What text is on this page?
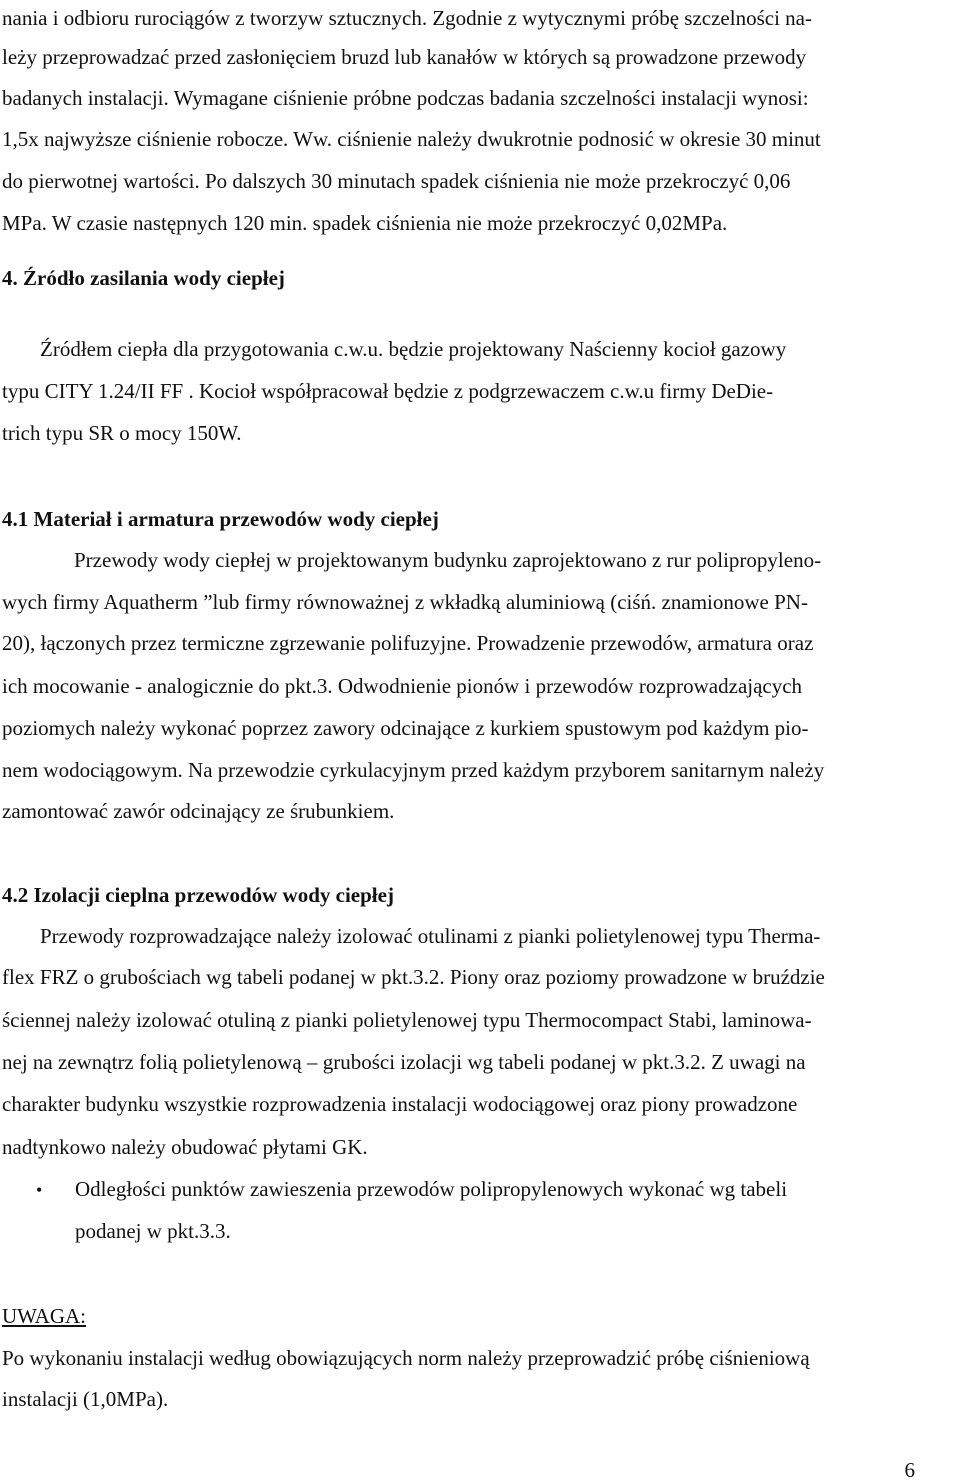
nania i odbioru rurociągów z tworzyw sztucznych. Zgodnie z wytycznymi próbę szczelności na-
leży przeprowadzać przed zasłonięciem bruzd lub kanałów w których są prowadzone przewody
badanych instalacji. Wymagane ciśnienie próbne podczas badania szczelności instalacji wynosi:
1,5x najwyższe ciśnienie robocze. Ww. ciśnienie należy dwukrotnie podnosić w okresie 30 minut
do pierwotnej wartości. Po dalszych 30 minutach spadek ciśnienia nie może przekroczyć 0,06
MPa. W czasie następnych 120 min. spadek ciśnienia nie może przekroczyć 0,02MPa.
4. Źródło zasilania wody ciepłej
Źródłem ciepła dla przygotowania c.w.u. będzie projektowany Naścienny kocioł gazowy
typu CITY 1.24/II FF . Kocioł współpracował będzie z podgrzewaczem c.w.u firmy DeDie-
trich typu SR o mocy 150W.
4.1 Materiał i armatura przewodów wody ciepłej
Przewody wody ciepłej w projektowanym budynku zaprojektowano z rur polipropyleno-
wych firmy Aquatherm ”lub firmy równoważnej z wkładką aluminiową (ciśń. znamionowe PN-
20), łączonych przez termiczne zgrzewanie polifuzyjne. Prowadzenie przewodów, armatura oraz
ich mocowanie - analogicznie do pkt.3. Odwodnienie pionów i przewodów rozprowadzających
poziomych należy wykonać poprzez zawory odcinające z kurkiem spustowym pod każdym pio-
nem wodociągowym. Na przewodzie cyrkulacyjnym przed każdym przyborem sanitarnym należy
zamontować zawór odcinający ze śrubunkiem.
4.2 Izolacji cieplna przewodów wody ciepłej
Przewody rozprowadzające należy izolować otulinami z pianki polietylenowej typu Therma-
flex FRZ o grubościach wg tabeli podanej w pkt.3.2. Piony oraz poziomy prowadzone w bruździe
ściennej należy izolować otuliną z pianki polietylenowej typu Thermocompact Stabi, laminowa-
nej na zewnątrz folią polietylenową – grubości izolacji wg tabeli podanej w pkt.3.2. Z uwagi na
charakter budynku wszystkie rozprowadzenia instalacji wodociągowej oraz piony prowadzone
nadtynkowo należy obudować płytami GK.
• Odległości punktów zawieszenia przewodów polipropylenowych wykonać wg tabeli
podanej w pkt.3.3.
UWAGA:
Po wykonaniu instalacji według obowiązujących norm należy przeprowadzić próbę ciśnieniową
instalacji (1,0MPa).
6
